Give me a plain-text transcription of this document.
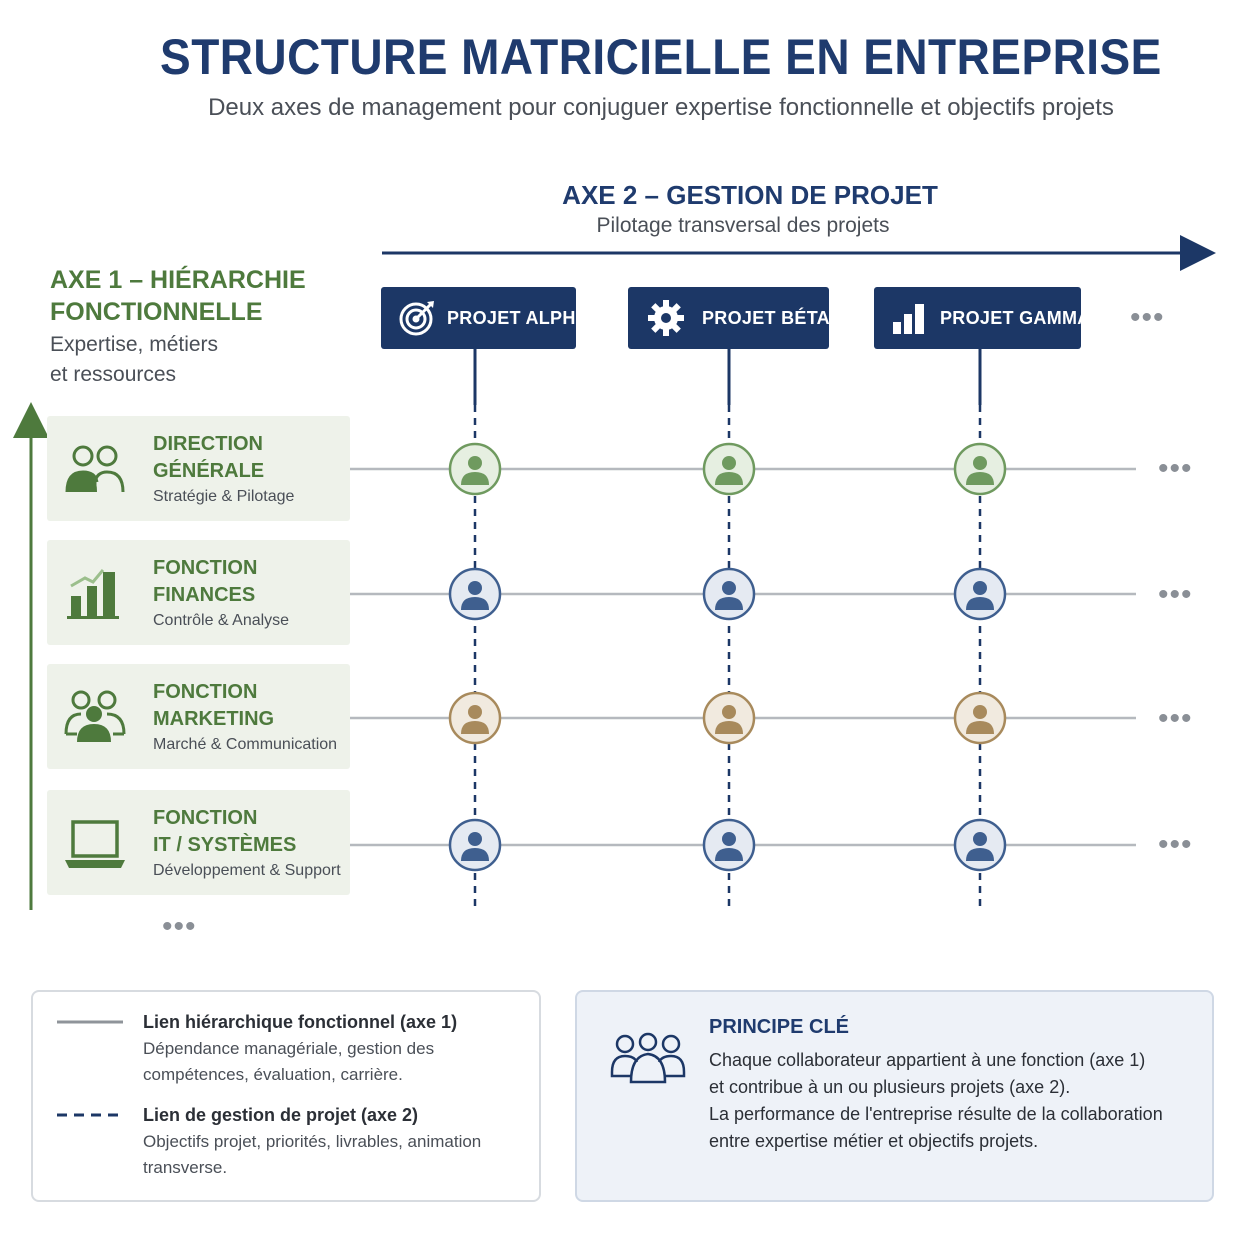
STRUCTURE MATRICIELLE EN ENTREPRISE
Deux axes de management pour conjuguer expertise fonctionnelle et objectifs projets
AXE 2 – GESTION DE PROJET
Pilotage transversal des projets
AXE 1 – HIÉRARCHIE
FONCTIONNELLE
Expertise, métiers
et ressources
DIRECTION
GÉNÉRALE
Stratégie & Pilotage
FONCTION
FINANCES
Contrôle & Analyse
FONCTION
MARKETING
Marché & Communication
FONCTION
IT / SYSTÈMES
Développement & Support
PROJET ALPHA	PROJET BÉTA	PROJET GAMMA •••
•••
•••
•••
•••
•••
Lien hiérarchique fonctionnel (axe 1)
Dépendance managériale, gestion des compétences, évaluation, carrière.
Lien de gestion de projet (axe 2)
Objectifs projet, priorités, livrables, animation transverse.
PRINCIPE CLÉ
Chaque collaborateur appartient à une fonction (axe 1)
et contribue à un ou plusieurs projets (axe 2).
La performance de l'entreprise résulte de la collaboration
entre expertise métier et objectifs projets.
